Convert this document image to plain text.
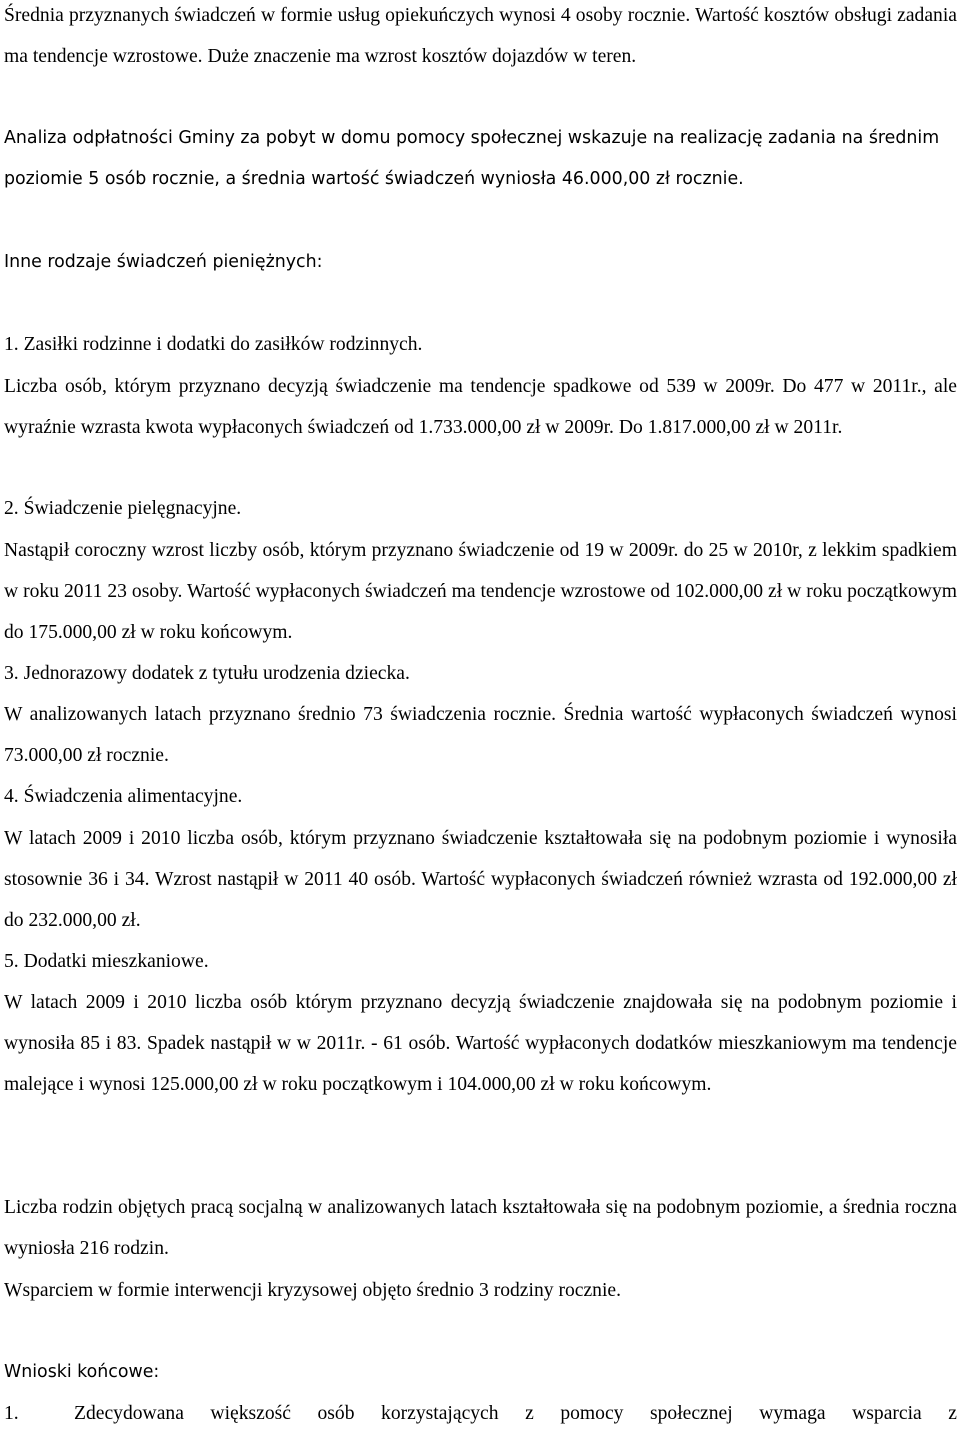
Średnia przyznanych świadczeń w formie usług opiekuńczych wynosi 4 osoby rocznie. Wartość kosztów obsługi zadania ma tendencje wzrostowe. Duże znaczenie ma wzrost kosztów dojazdów w teren.

Analiza odpłatności Gminy za pobyt w domu pomocy społecznej wskazuje na realizację zadania na średnim poziomie 5 osób rocznie, a średnia wartość świadczeń wyniosła 46.000,00 zł rocznie.

Inne rodzaje świadczeń pieniężnych:

1. Zasiłki rodzinne i dodatki do zasiłków rodzinnych.

Liczba osób, którym przyznano decyzją świadczenie ma tendencje spadkowe od 539 w 2009r. Do 477 w 2011r., ale wyraźnie wzrasta kwota wypłaconych świadczeń od 1.733.000,00 zł w 2009r. Do 1.817.000,00 zł w 2011r.

2. Świadczenie pielęgnacyjne.

Nastąpił coroczny wzrost liczby osób, którym przyznano świadczenie od 19 w 2009r. do 25 w 2010r, z lekkim spadkiem w roku 2011 23 osoby. Wartość wypłaconych świadczeń ma tendencje wzrostowe od 102.000,00 zł w roku początkowym do 175.000,00 zł w roku końcowym.

3. Jednorazowy dodatek z tytułu urodzenia dziecka.

W analizowanych latach przyznano średnio 73 świadczenia rocznie. Średnia wartość wypłaconych świadczeń wynosi 73.000,00 zł rocznie.

4. Świadczenia alimentacyjne.

W latach 2009 i 2010 liczba osób, którym przyznano świadczenie kształtowała się na podobnym poziomie i wynosiła stosownie 36 i 34. Wzrost nastąpił w 2011 40 osób. Wartość wypłaconych świadczeń również wzrasta od 192.000,00 zł do 232.000,00 zł.

5. Dodatki mieszkaniowe.

W latach 2009 i 2010 liczba osób którym przyznano decyzją świadczenie znajdowała się na podobnym poziomie i wynosiła 85 i 83. Spadek nastąpił w w 2011r. - 61 osób. Wartość wypłaconych dodatków mieszkaniowym ma tendencje malejące i wynosi 125.000,00 zł w roku początkowym i 104.000,00 zł w roku końcowym.

Liczba rodzin objętych pracą socjalną w analizowanych latach kształtowała się na podobnym poziomie, a średnia roczna wyniosła 216 rodzin.

Wsparciem w formie interwencji kryzysowej objęto średnio 3 rodziny rocznie.

Wnioski końcowe:

1.	Zdecydowana większość osób korzystających z pomocy społecznej wymaga wsparcia z
